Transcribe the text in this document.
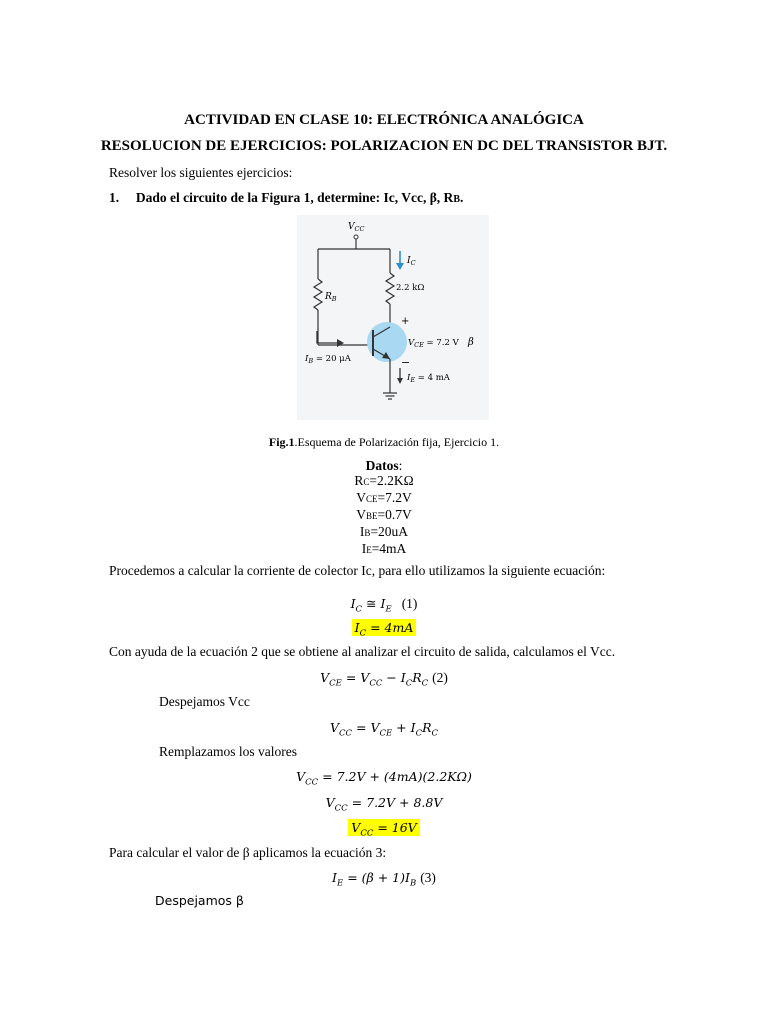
ACTIVIDAD EN CLASE 10: ELECTRÓNICA ANALÓGICA
RESOLUCION DE EJERCICIOS: POLARIZACION EN DC DEL TRANSISTOR BJT.
Resolver los siguientes ejercicios:
1. Dado el circuito de la Figura 1, determine: Ic, Vcc, β, RB.
$V_{CC}$
$R_B$
2.2 kΩ
$I_C$
+
−
$V_{CE} = 7.2$ V β
$I_B = 20$ μA
$I_E = 4$ mA
Fig.1.Esquema de Polarización fija, Ejercicio 1.
Datos:
RC=2.2KΩ
VCE=7.2V
VBE=0.7V
IB=20uA
IE=4mA
Procedemos a calcular la corriente de colector Ic, para ello utilizamos la siguiente ecuación:
$I_C$ ≅ $I_E$ (1)
$I_C = 4mA$
Con ayuda de la ecuación 2 que se obtiene al analizar el circuito de salida, calculamos el Vcc.
$V_{CE} = V_{CC} - I_CR_C$ (2)
Despejamos Vcc
$V_{CC} = V_{CE} + I_CR_C$
Remplazamos los valores
$V_{CC} = 7.2V + (4mA)(2.2K\Omega)$
$V_{CC} = 7.2V + 8.8V$
$V_{CC} = 16V$
Para calcular el valor de β aplicamos la ecuación 3:
$I_E = (\beta + 1)I_B$ (3)
Despejamos β
